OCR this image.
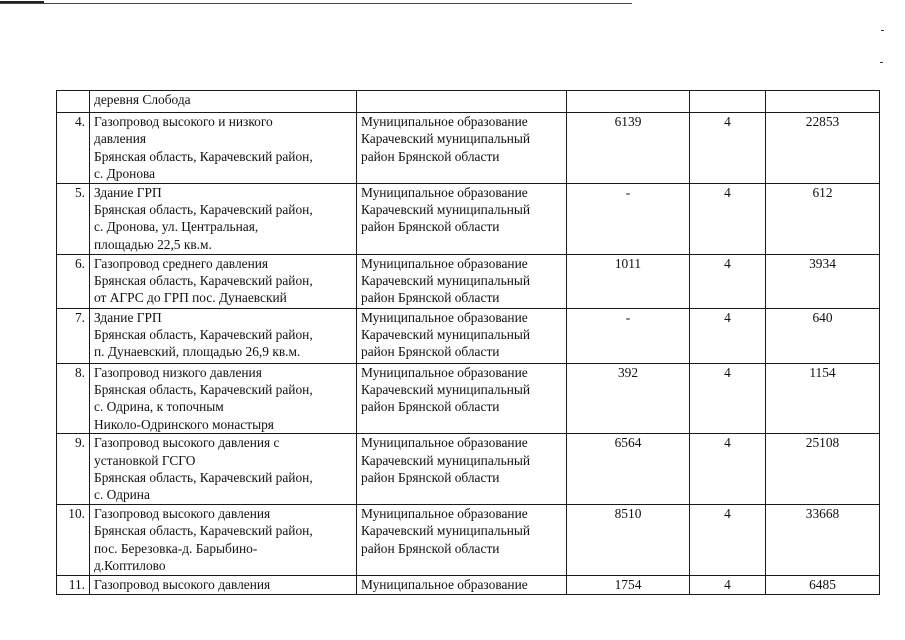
	деревня Слобода				

4.	Газопровод высокого и низкого
давления
Брянская область, Карачевский район,
с. Дронова	Муниципальное образование
Карачевский муниципальный
район Брянской области	6139	4	22853
5.	Здание ГРП
Брянская область, Карачевский район,
с. Дронова, ул. Центральная,
площадью 22,5 кв.м.	Муниципальное образование
Карачевский муниципальный
район Брянской области	-	4	612
6.	Газопровод среднего давления
Брянская область, Карачевский район,
от АГРС до ГРП пос. Дунаевский	Муниципальное образование
Карачевский муниципальный
район Брянской области	1011	4	3934
7.	Здание ГРП
Брянская область, Карачевский район,
п. Дунаевский, площадью 26,9 кв.м.	Муниципальное образование
Карачевский муниципальный
район Брянской области	-	4	640
8.	Газопровод низкого давления
Брянская область, Карачевский район,
с. Одрина, к топочным
Николо-Одринского монастыря	Муниципальное образование
Карачевский муниципальный
район Брянской области	392	4	1154
9.	Газопровод высокого давления с
установкой ГСГО
Брянская область, Карачевский район,
с. Одрина	Муниципальное образование
Карачевский муниципальный
район Брянской области	6564	4	25108
10.	Газопровод высокого давления
Брянская область, Карачевский район,
пос. Березовка-д. Барыбино-
д.Коптилово	Муниципальное образование
Карачевский муниципальный
район Брянской области	8510	4	33668
11.	Газопровод высокого давления	Муниципальное образование	1754	4	6485
